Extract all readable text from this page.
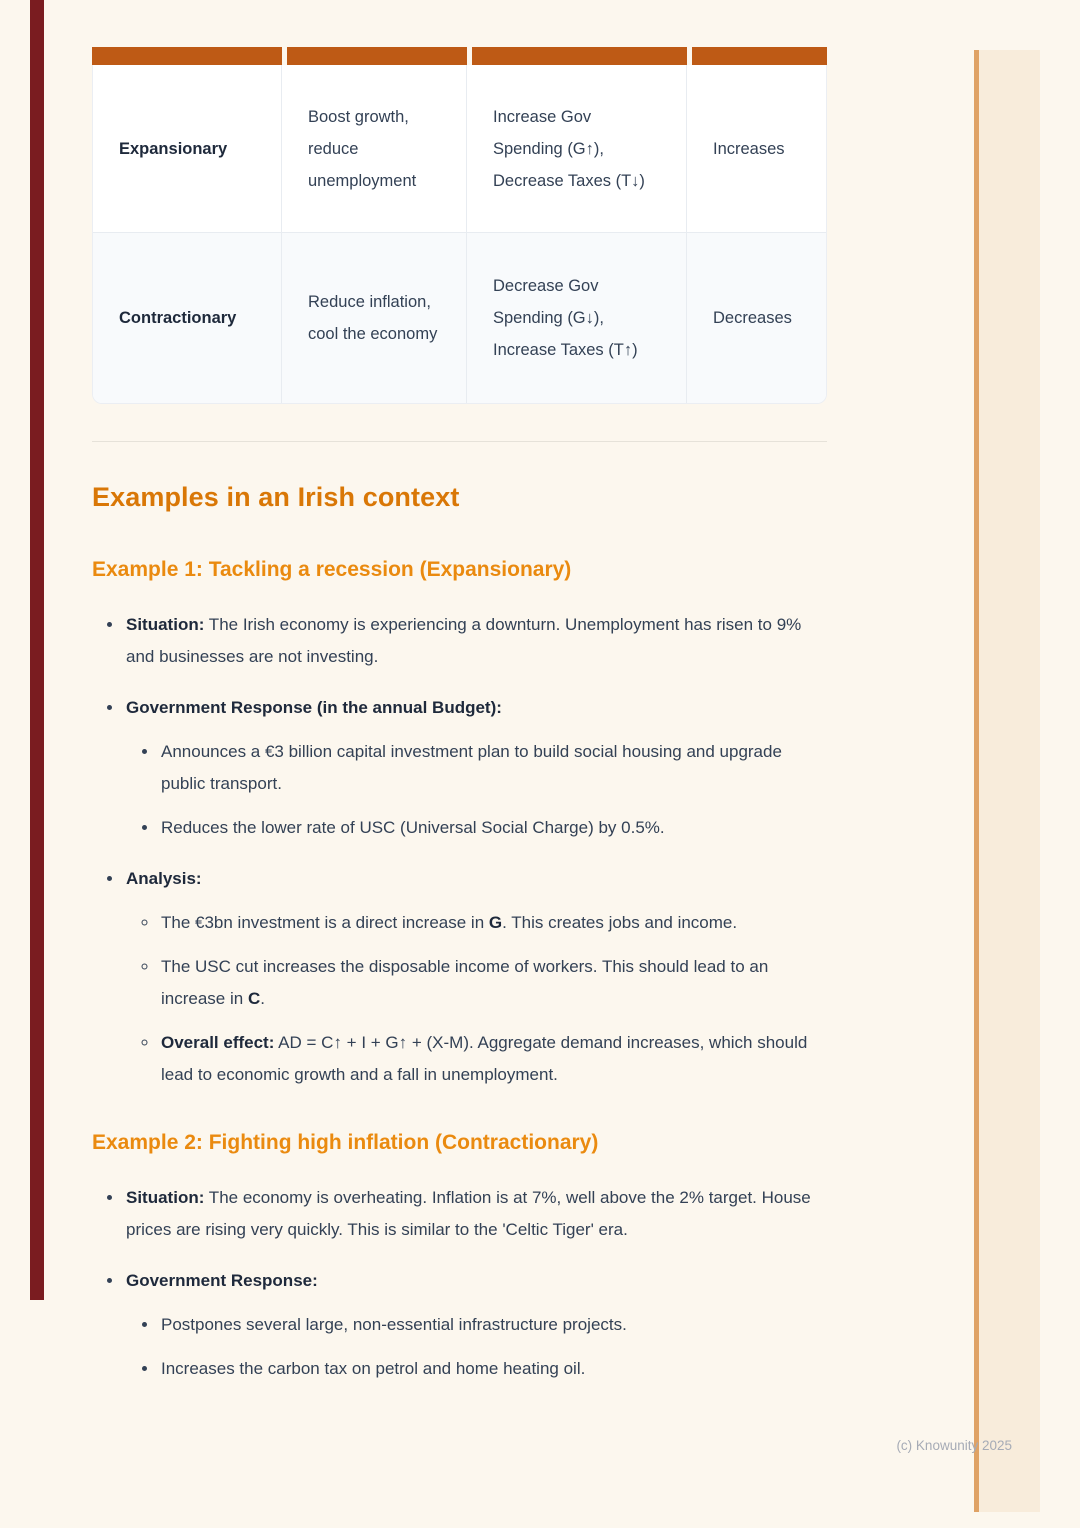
Expansionary
Boost growth, reduce unemployment
Increase Gov Spending (G↑), Decrease Taxes (T↓)
Increases
Contractionary
Reduce inflation, cool the economy
Decrease Gov Spending (G↓), Increase Taxes (T↑)
Decreases
Examples in an Irish context
Example 1: Tackling a recession (Expansionary)
• Situation: The Irish economy is experiencing a downturn. Unemployment has risen to 9% and businesses are not investing.
• Government Response (in the annual Budget):
• Announces a €3 billion capital investment plan to build social housing and upgrade public transport.
• Reduces the lower rate of USC (Universal Social Charge) by 0.5%.
• Analysis:
◦ The €3bn investment is a direct increase in G. This creates jobs and income.
◦ The USC cut increases the disposable income of workers. This should lead to an increase in C.
◦ Overall effect: AD = C↑ + I + G↑ + (X-M). Aggregate demand increases, which should lead to economic growth and a fall in unemployment.
Example 2: Fighting high inflation (Contractionary)
• Situation: The economy is overheating. Inflation is at 7%, well above the 2% target. House prices are rising very quickly. This is similar to the 'Celtic Tiger' era.
• Government Response:
• Postpones several large, non-essential infrastructure projects.
• Increases the carbon tax on petrol and home heating oil.
(c) Knowunity 2025
